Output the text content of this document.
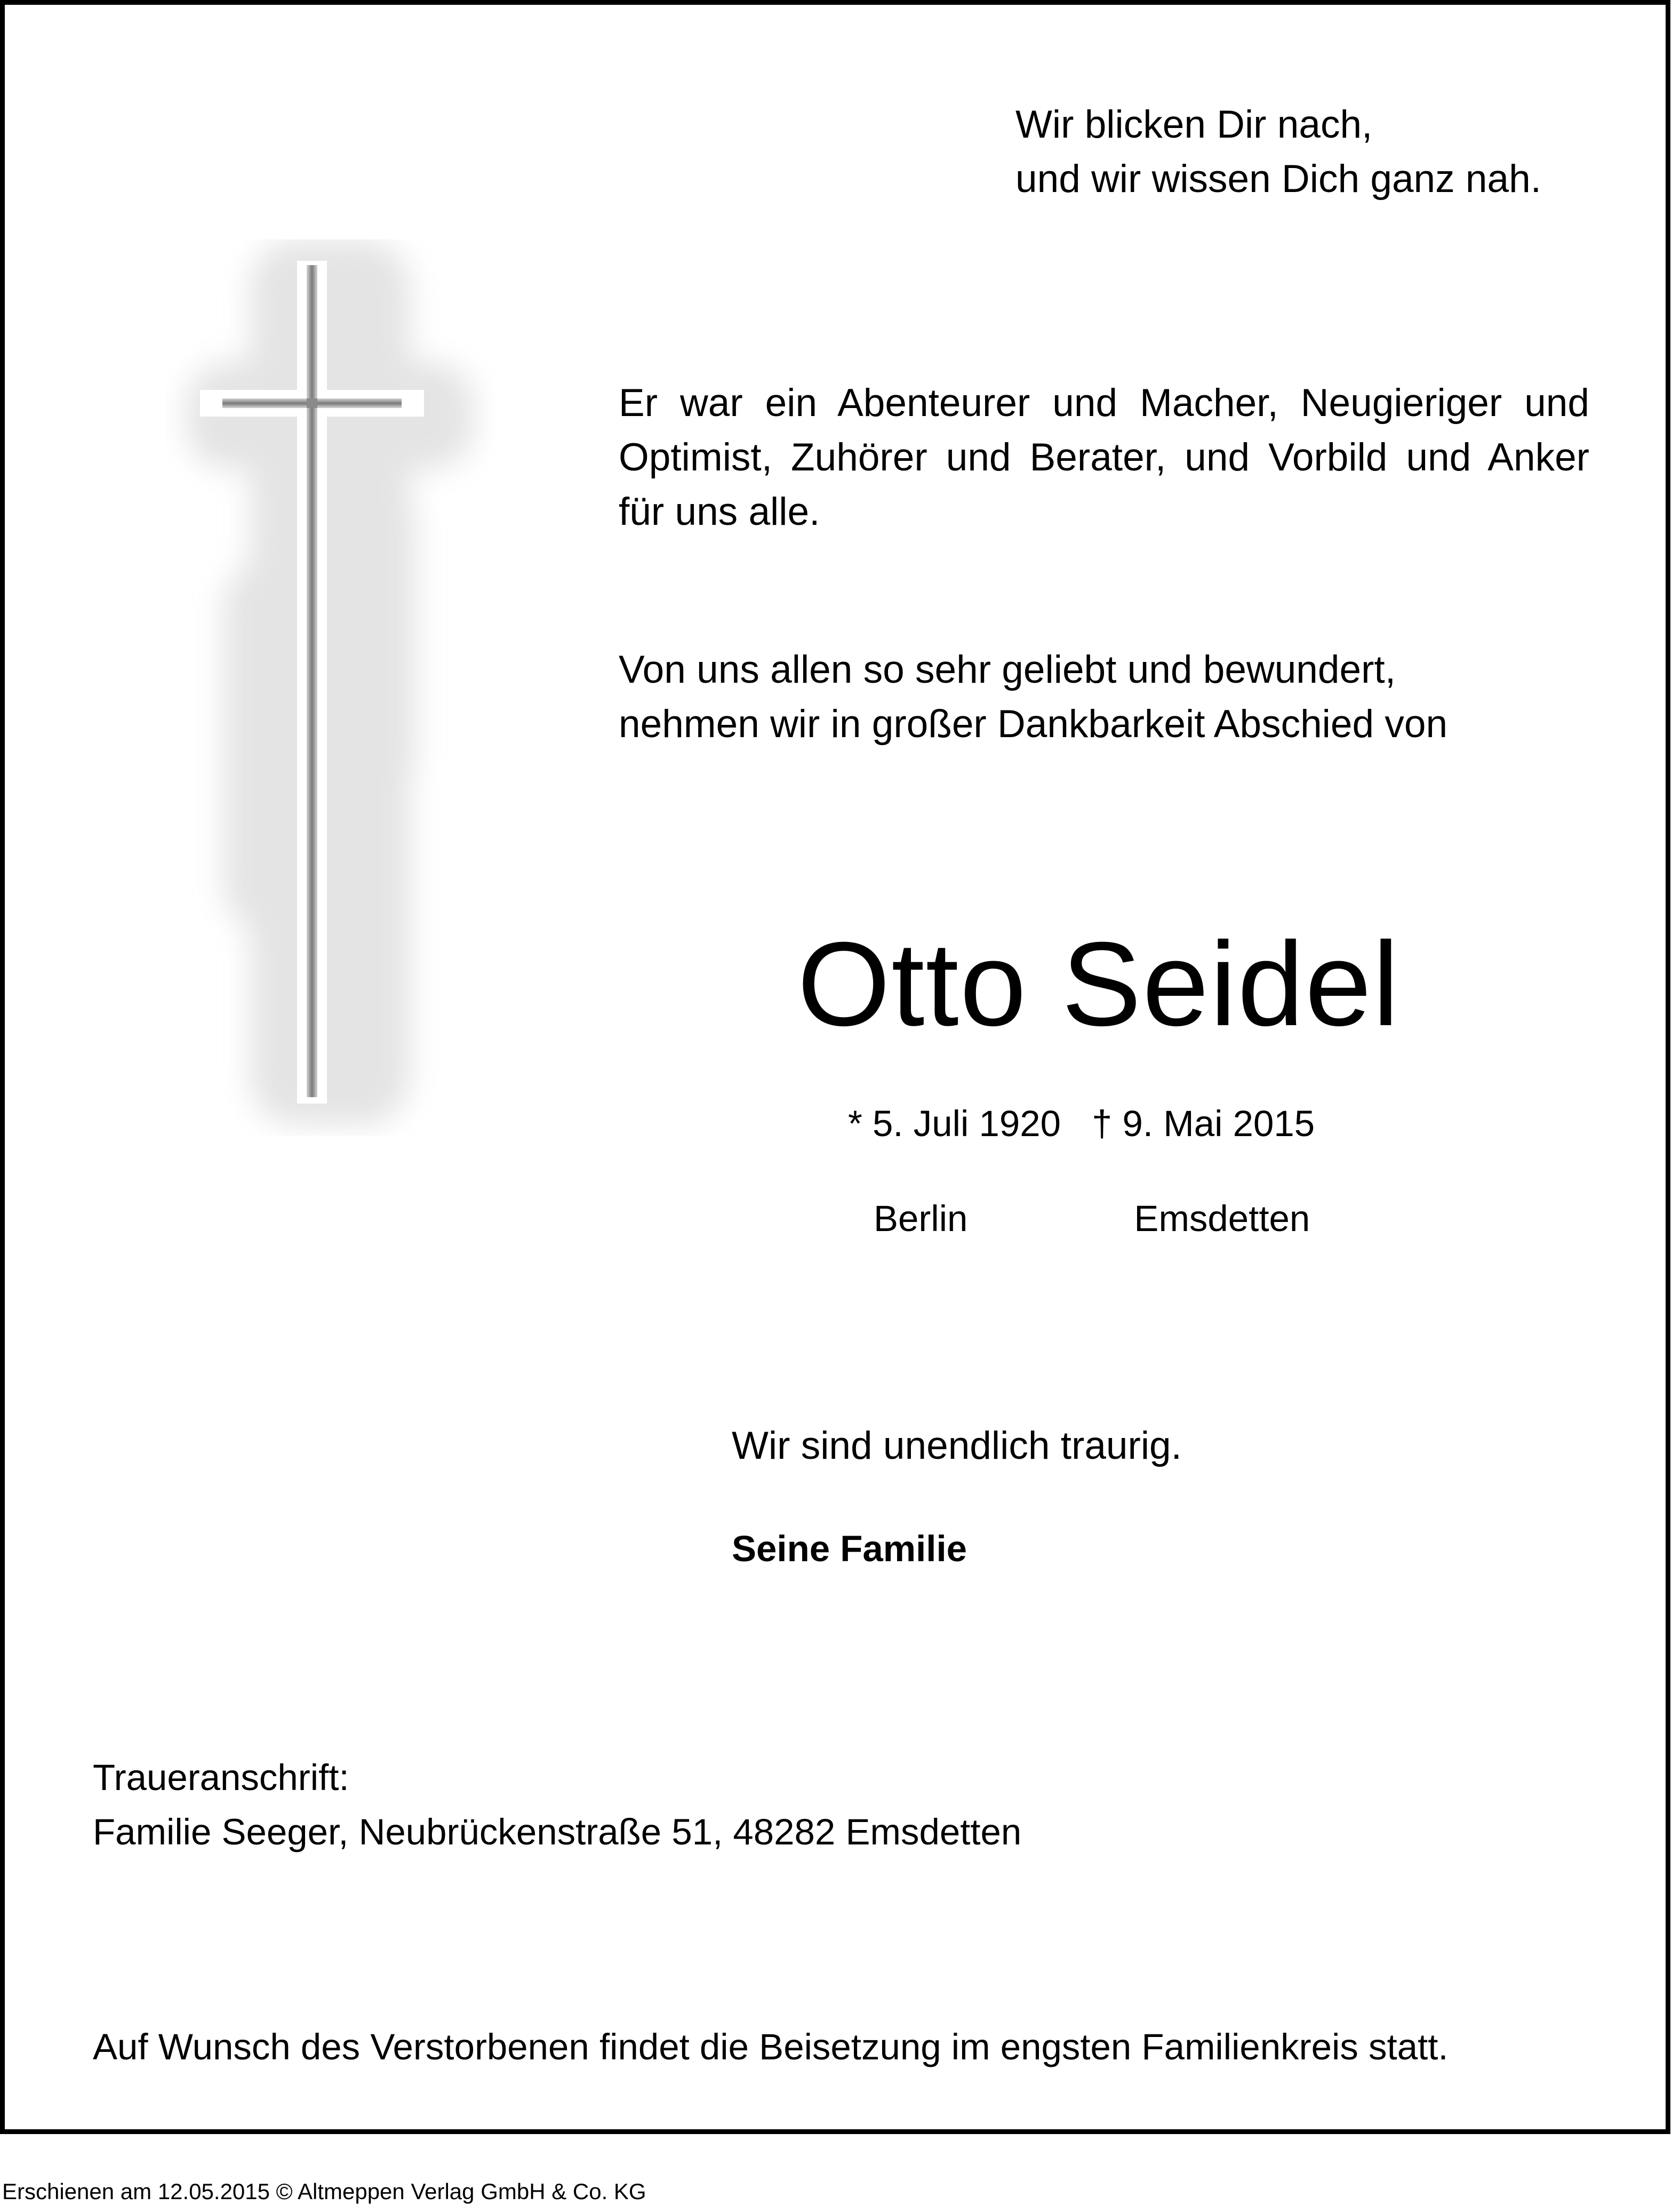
Wir blicken Dir nach,
und wir wissen Dich ganz nah.

Er war ein Abenteurer und Macher, Neugieriger und Optimist, Zuhörer und Berater, und Vorbild und Anker für uns alle.

Von uns allen so sehr geliebt und bewundert,
nehmen wir in großer Dankbarkeit Abschied von

Otto Seidel

* 5. Juli 1920 † 9. Mai 2015

Berlin	Emsdetten

Wir sind unendlich traurig.

Seine Familie

Traueranschrift:

Familie Seeger, Neubrückenstraße 51, 48282 Emsdetten

Auf Wunsch des Verstorbenen findet die Beisetzung im engsten Familienkreis statt.

Erschienen am 12.05.2015 © Altmeppen Verlag GmbH & Co. KG
